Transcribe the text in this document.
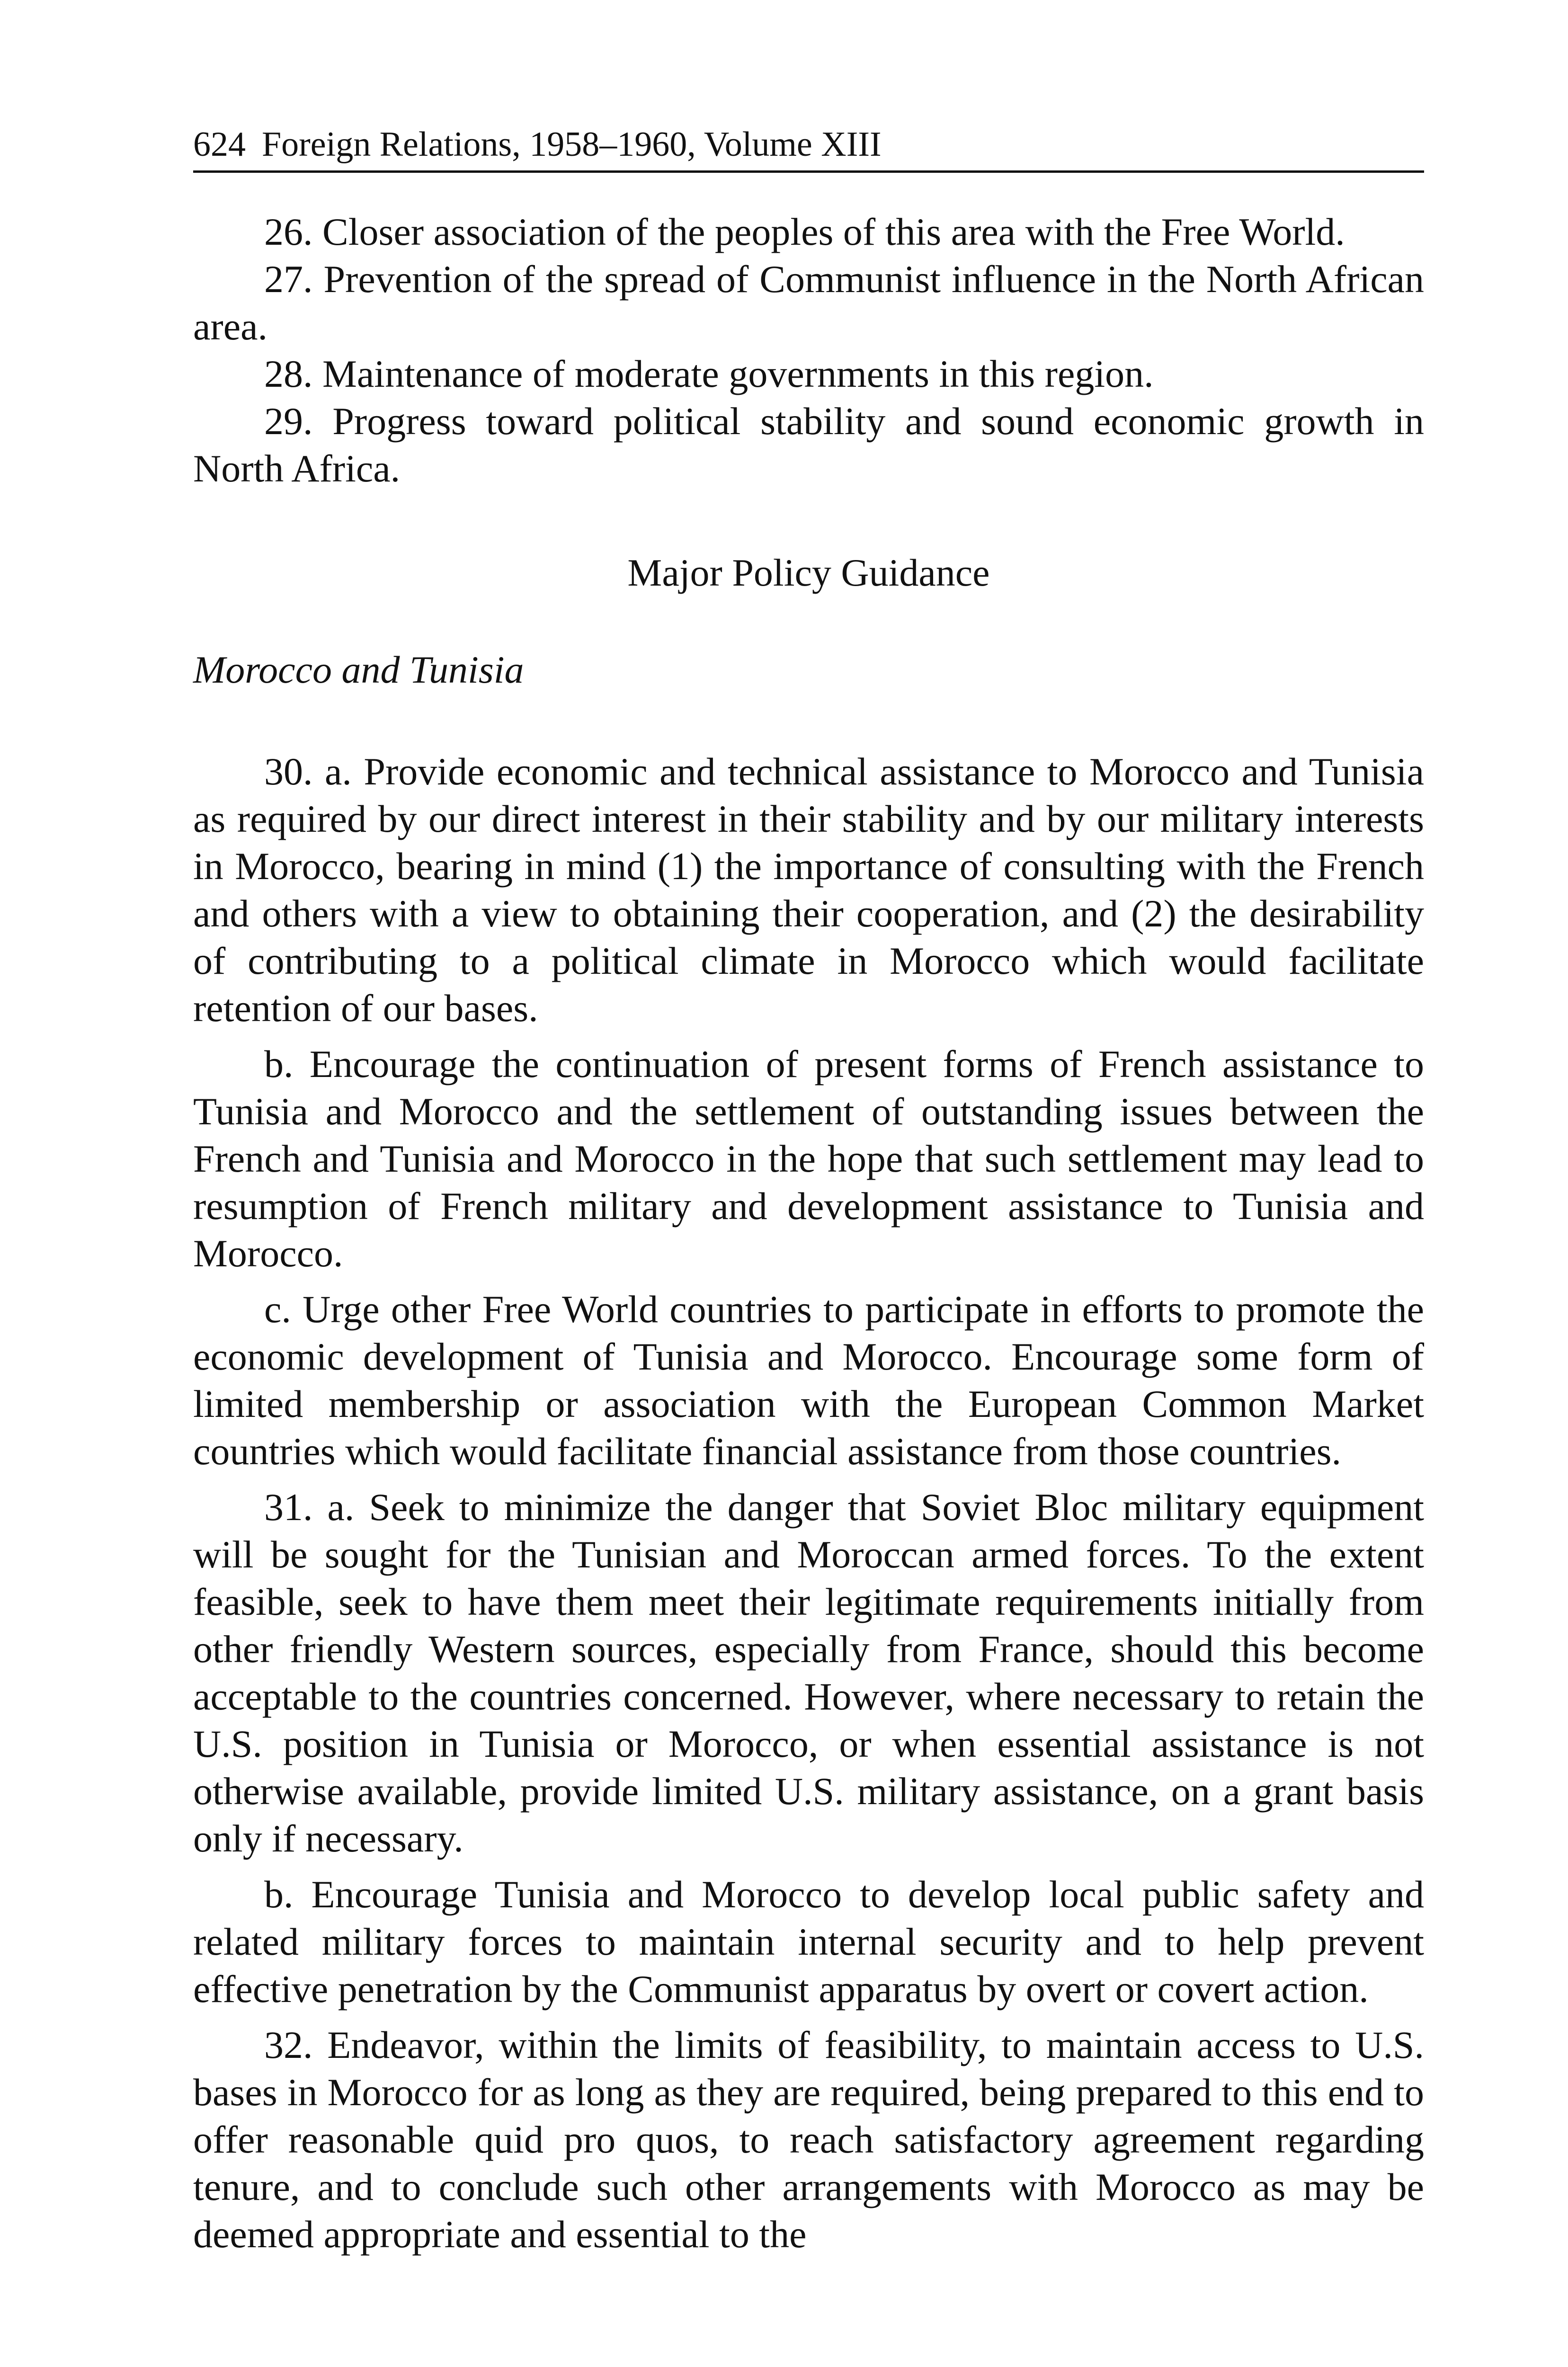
624 Foreign Relations, 1958–1960, Volume XIII

26. Closer association of the peoples of this area with the Free World.

27. Prevention of the spread of Communist influence in the North African area.

28. Maintenance of moderate governments in this region.

29. Progress toward political stability and sound economic growth in North Africa.

Major Policy Guidance
Morocco and Tunisia

30. a. Provide economic and technical assistance to Morocco and Tunisia as required by our direct interest in their stability and by our military interests in Morocco, bearing in mind (1) the importance of consulting with the French and others with a view to obtaining their cooperation, and (2) the desirability of contributing to a political climate in Morocco which would facilitate retention of our bases.

b. Encourage the continuation of present forms of French assistance to Tunisia and Morocco and the settlement of outstanding issues between the French and Tunisia and Morocco in the hope that such settlement may lead to resumption of French military and development assistance to Tunisia and Morocco.

c. Urge other Free World countries to participate in efforts to promote the economic development of Tunisia and Morocco. Encourage some form of limited membership or association with the European Common Market countries which would facilitate financial assistance from those countries.

31. a. Seek to minimize the danger that Soviet Bloc military equipment will be sought for the Tunisian and Moroccan armed forces. To the extent feasible, seek to have them meet their legitimate requirements initially from other friendly Western sources, especially from France, should this become acceptable to the countries concerned. However, where necessary to retain the U.S. position in Tunisia or Morocco, or when essential assistance is not otherwise available, provide limited U.S. military assistance, on a grant basis only if necessary.

b. Encourage Tunisia and Morocco to develop local public safety and related military forces to maintain internal security and to help prevent effective penetration by the Communist apparatus by overt or covert action.

32. Endeavor, within the limits of feasibility, to maintain access to U.S. bases in Morocco for as long as they are required, being prepared to this end to offer reasonable quid pro quos, to reach satisfactory agreement regarding tenure, and to conclude such other arrangements with Morocco as may be deemed appropriate and essential to the
